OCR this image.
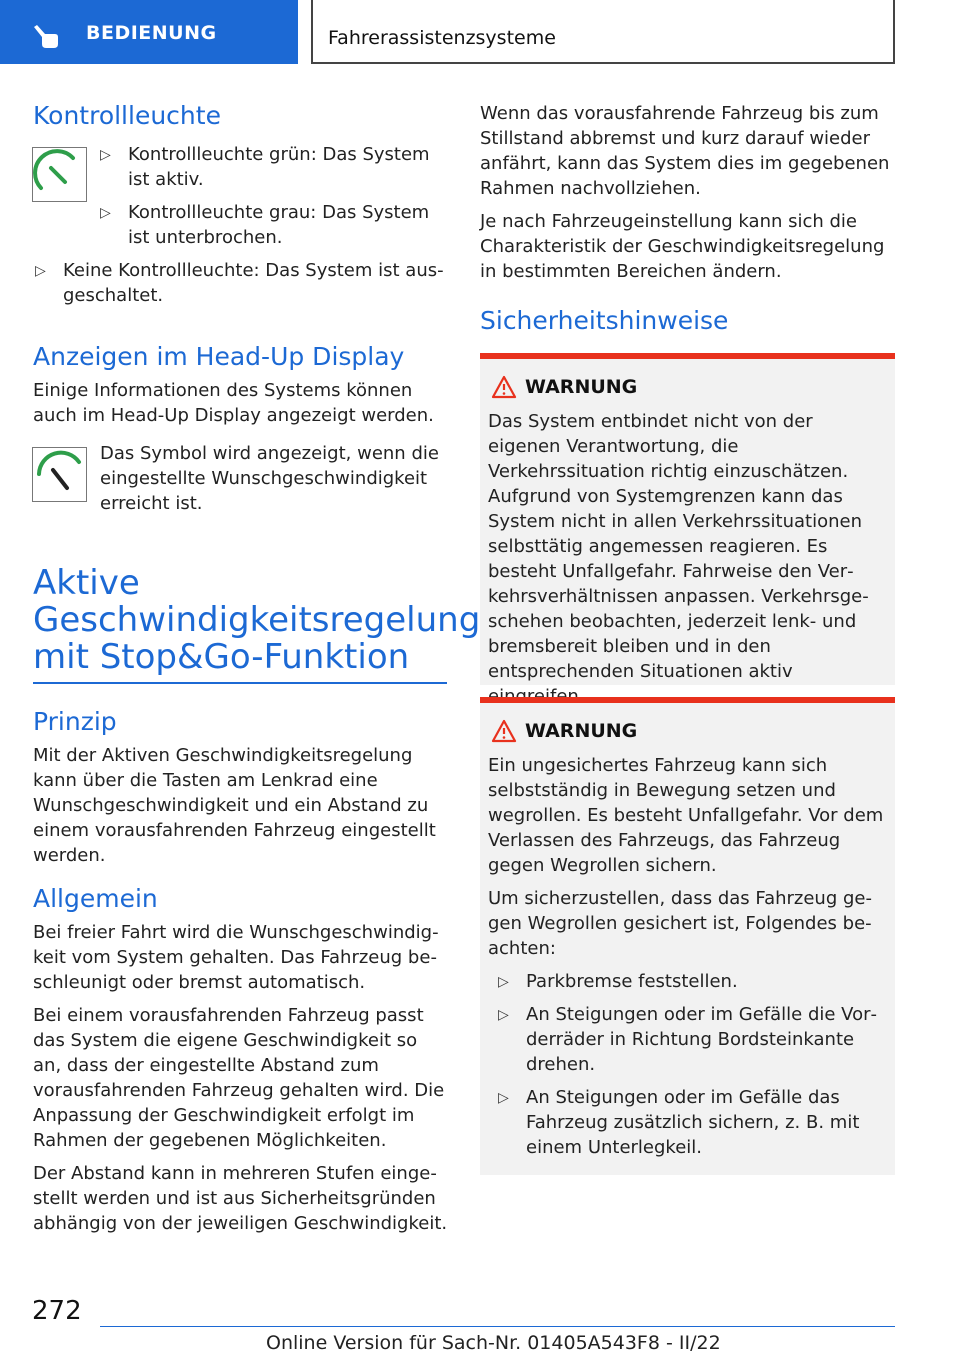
BEDIENUNG	Fahrerassistenzsysteme
Kontrollleuchte
▷ Kontrollleuchte grün: Das System ist aktiv.
▷ Kontrollleuchte grau: Das System ist unterbrochen.
▷ Keine Kontrollleuchte: Das System ist ausgeschaltet.
Anzeigen im Head-Up Display

Einige Informationen des Systems können auch im Head-Up Display angezeigt werden.

Das Symbol wird angezeigt, wenn die eingestellte Wunschgeschwindigkeit erreicht ist.

Aktive
Geschwindigkeitsregelung
mit Stop&Go-Funktion
Prinzip

Mit der Aktiven Geschwindigkeitsregelung kann über die Tasten am Lenkrad eine Wunschgeschwindigkeit und ein Abstand zu einem vorausfahrenden Fahrzeug eingestellt werden.

Allgemein

Bei freier Fahrt wird die Wunschgeschwindigkeit vom System gehalten. Das Fahrzeug beschleunigt oder bremst automatisch.

Bei einem vorausfahrenden Fahrzeug passt das System die eigene Geschwindigkeit so an, dass der eingestellte Abstand zum vorausfahrenden Fahrzeug gehalten wird. Die Anpassung der Geschwindigkeit erfolgt im Rahmen der gegebenen Möglichkeiten.

Der Abstand kann in mehreren Stufen eingestellt werden und ist aus Sicherheitsgründen abhängig von der jeweiligen Geschwindigkeit.

Wenn das vorausfahrende Fahrzeug bis zum Stillstand abbremst und kurz darauf wieder anfährt, kann das System dies im gegebenen Rahmen nachvollziehen.

Je nach Fahrzeugeinstellung kann sich die Charakteristik der Geschwindigkeitsregelung in bestimmten Bereichen ändern.

Sicherheitshinweise
WARNUNG

Das System entbindet nicht von der eigenen Verantwortung, die Verkehrssituation richtig einzuschätzen. Aufgrund von Systemgrenzen kann das System nicht in allen Verkehrssituationen selbsttätig angemessen reagieren. Es besteht Unfallgefahr. Fahrweise den Verkehrsverhältnissen anpassen. Verkehrsgeschehen beobachten, jederzeit lenk- und bremsbereit bleiben und in den entsprechenden Situationen aktiv

WARNUNG

Ein ungesichertes Fahrzeug kann sich selbstständig in Bewegung setzen und wegrollen. Es besteht Unfallgefahr. Vor dem Verlassen des Fahrzeugs, das Fahrzeug gegen Wegrollen sichern.

Um sicherzustellen, dass das Fahrzeug gegen Wegrollen gesichert ist, Folgendes beachten:

▷ Parkbremse feststellen.
▷ An Steigungen oder im Gefälle die Vorderräder in Richtung Bordsteinkante drehen.
▷ An Steigungen oder im Gefälle das Fahrzeug zusätzlich sichern, z. B. mit einem Unterlegkeil.
272
Online Version für Sach-Nr. 01405A543F8 - II/22
